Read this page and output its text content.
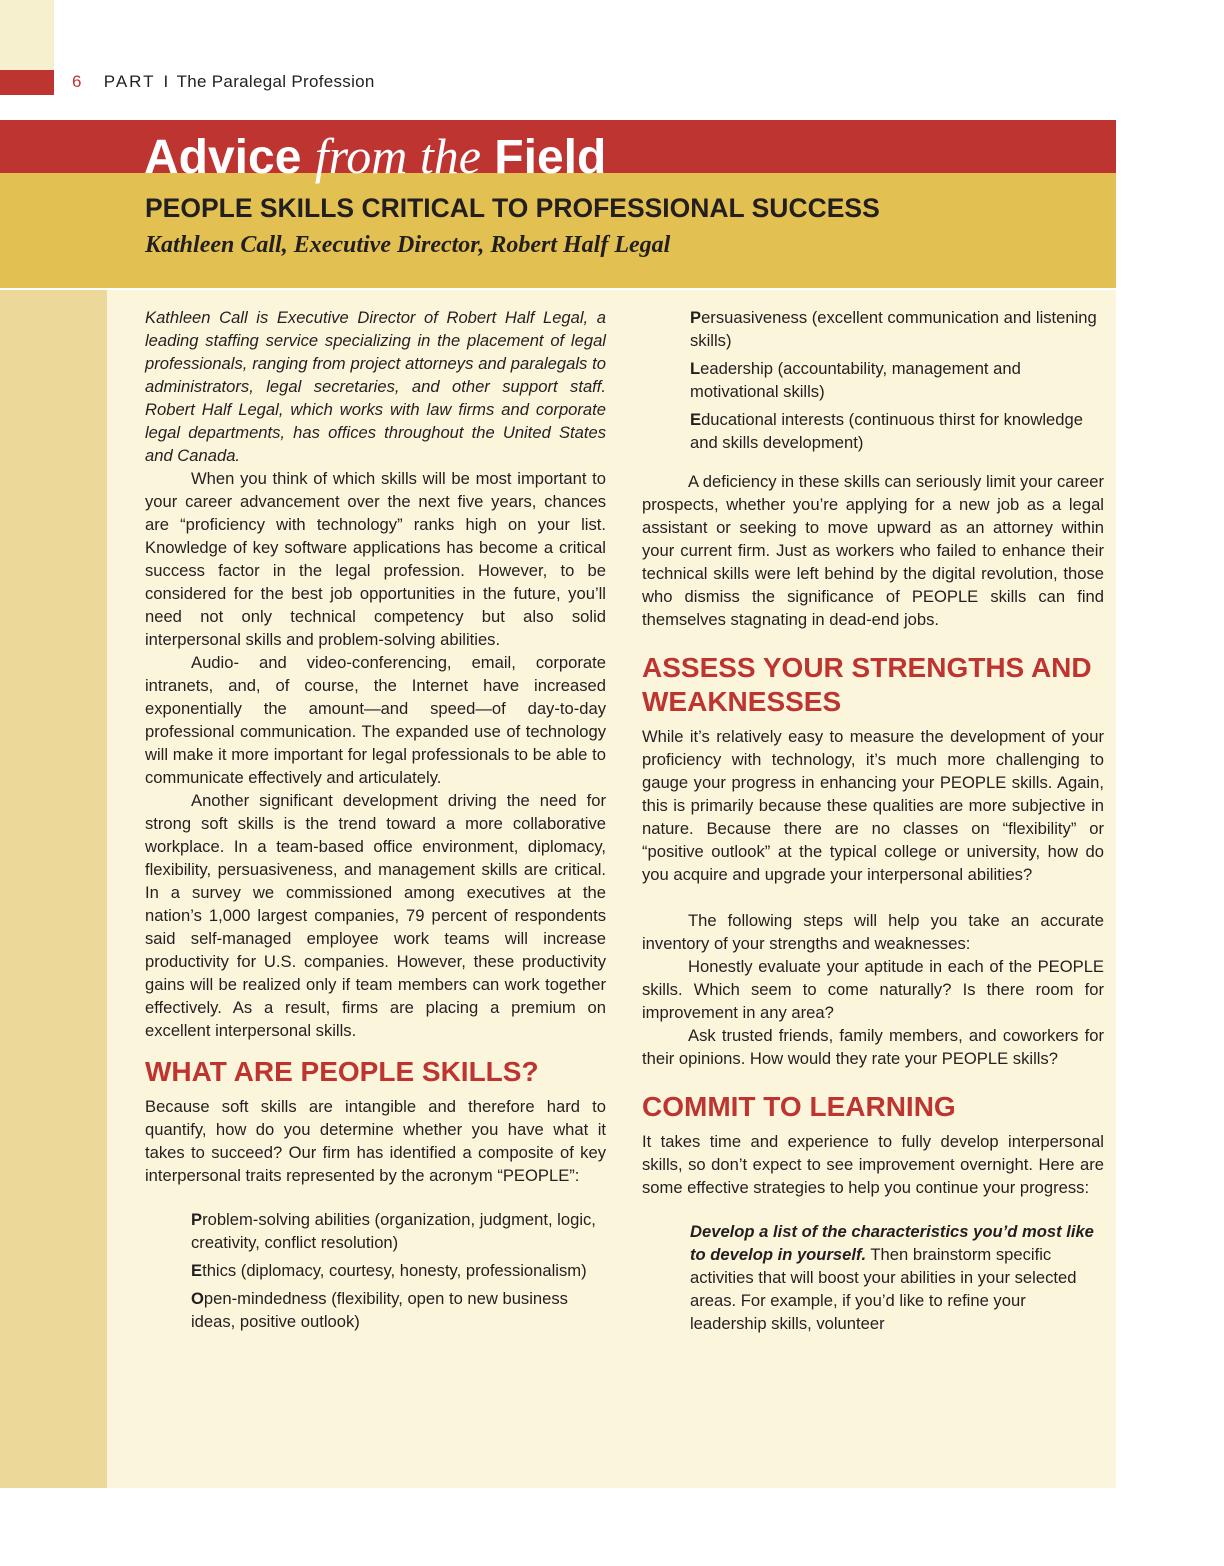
6 PART I The Paralegal Profession
Advice from the Field
PEOPLE SKILLS CRITICAL TO PROFESSIONAL SUCCESS
Kathleen Call, Executive Director, Robert Half Legal

Kathleen Call is Executive Director of Robert Half Legal, a leading staffing service specializing in the placement of legal professionals, ranging from project attorneys and paralegals to administrators, legal secretaries, and other support staff. Robert Half Legal, which works with law firms and corporate legal departments, has offices throughout the United States and Canada.

When you think of which skills will be most important to your career advancement over the next five years, chances are “proficiency with technology” ranks high on your list. Knowledge of key software applications has become a critical success factor in the legal profession. However, to be considered for the best job opportunities in the future, you’ll need not only technical competency but also solid interpersonal skills and problem-solving abilities.

Audio- and video-conferencing, email, corporate intranets, and, of course, the Internet have increased exponentially the amount—and speed—of day-to-day professional communication. The expanded use of technology will make it more important for legal professionals to be able to communicate effectively and articulately.

Another significant development driving the need for strong soft skills is the trend toward a more collaborative workplace. In a team-based office environment, diplomacy, flexibility, persuasiveness, and management skills are critical. In a survey we commissioned among executives at the nation’s 1,000 largest companies, 79 percent of respondents said self-managed employee work teams will increase productivity for U.S. companies. However, these productivity gains will be realized only if team members can work together effectively. As a result, firms are placing a premium on excellent interpersonal skills.

WHAT ARE PEOPLE SKILLS?

Because soft skills are intangible and therefore hard to quantify, how do you determine whether you have what it takes to succeed? Our firm has identified a composite of key interpersonal traits represented by the acronym “PEOPLE”:

Problem-solving abilities (organization, judgment, logic, creativity, conflict resolution)

Ethics (diplomacy, courtesy, honesty, professionalism)

Open-mindedness (flexibility, open to new business ideas, positive outlook)

Persuasiveness (excellent communication and listening skills)

Leadership (accountability, management and motivational skills)

Educational interests (continuous thirst for knowledge and skills development)

A deficiency in these skills can seriously limit your career prospects, whether you’re applying for a new job as a legal assistant or seeking to move upward as an attorney within your current firm. Just as workers who failed to enhance their technical skills were left behind by the digital revolution, those who dismiss the significance of PEOPLE skills can find themselves stagnating in dead-end jobs.

ASSESS YOUR STRENGTHS AND WEAKNESSES

While it’s relatively easy to measure the development of your proficiency with technology, it’s much more challenging to gauge your progress in enhancing your PEOPLE skills. Again, this is primarily because these qualities are more subjective in nature. Because there are no classes on “flexibility” or “positive outlook” at the typical college or university, how do you acquire and upgrade your interpersonal abilities?

The following steps will help you take an accurate inventory of your strengths and weaknesses:

Honestly evaluate your aptitude in each of the PEOPLE skills. Which seem to come naturally? Is there room for improvement in any area?

Ask trusted friends, family members, and coworkers for their opinions. How would they rate your PEOPLE skills?

COMMIT TO LEARNING

It takes time and experience to fully develop interpersonal skills, so don’t expect to see improvement overnight. Here are some effective strategies to help you continue your progress:

Develop a list of the characteristics you’d most like to develop in yourself. Then brainstorm specific activities that will boost your abilities in your selected areas. For example, if you’d like to refine your leadership skills, volunteer
